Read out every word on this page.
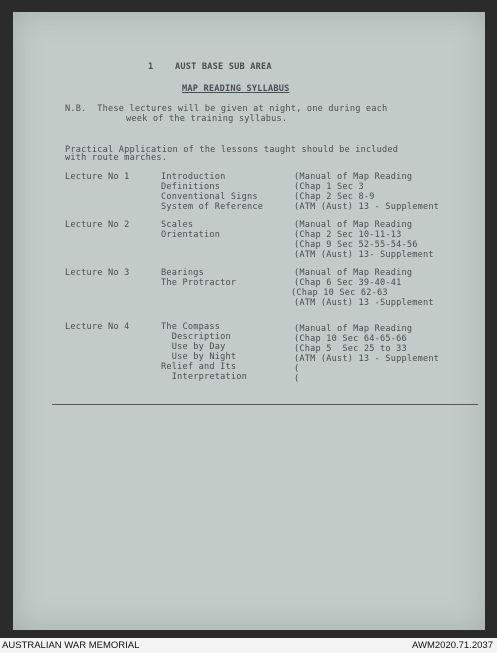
1	AUST BASE SUB AREA
MAP READING SYLLABUS
N.B.  These lectures will be given at night, one during each
week of the training syllabus.
Practical Application of the lessons taught should be included
with route marches.
Lecture No 1	Introduction
Definitions
Conventional Signs
System of Reference
(Manual of Map Reading
(Chap 1 Sec 3
(Chap 2 Sec 8-9
(ATM (Aust) 13 - Supplement
Lecture No 2	Scales
Orientation
(Manual of Map Reading
(Chap 2 Sec 10-11-13
(Chap 9 Sec 52-55-54-56
(ATM (Aust) 13- Supplement
Lecture No 3	Bearings
The Protractor
(Manual of Map Reading
(Chap 6 Sec 39-40-41
(Chap 10 Sec 62-63
(ATM (Aust) 13 -Supplement
Lecture No 4	The Compass
Description
Use by Day
Use by Night
Relief and Its
Interpretation
(Manual of Map Reading
(Chap 10 Sec 64-65-66
(Chap 5  Sec 25 to 33
(ATM (Aust) 13 - Supplement
(
(
AUSTRALIAN WAR MEMORIAL	AWM2020.71.2037
